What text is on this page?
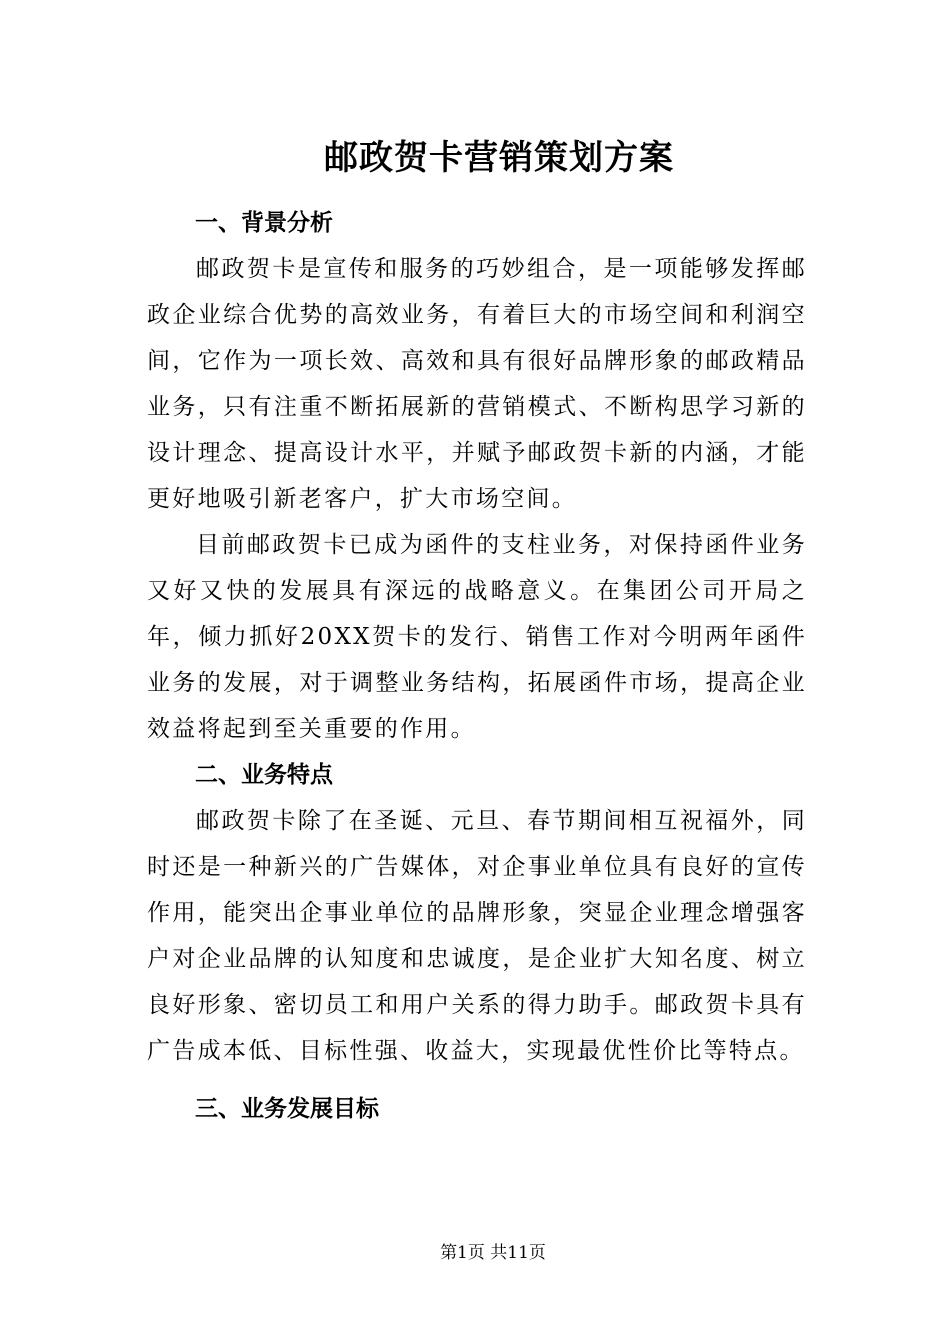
邮政贺卡营销策划方案
一、背景分析

邮政贺卡是宣传和服务的巧妙组合，是一项能够发挥邮政企业综合优势的高效业务，有着巨大的市场空间和利润空间，它作为一项长效、高效和具有很好品牌形象的邮政精品业务，只有注重不断拓展新的营销模式、不断构思学习新的设计理念、提高设计水平，并赋予邮政贺卡新的内涵，才能更好地吸引新老客户，扩大市场空间。

目前邮政贺卡已成为函件的支柱业务，对保持函件业务又好又快的发展具有深远的战略意义。在集团公司开局之年，倾力抓好20XX贺卡的发行、销售工作对今明两年函件业务的发展，对于调整业务结构，拓展函件市场，提高企业效益将起到至关重要的作用。

二、业务特点

邮政贺卡除了在圣诞、元旦、春节期间相互祝福外，同时还是一种新兴的广告媒体，对企事业单位具有良好的宣传作用，能突出企事业单位的品牌形象，突显企业理念增强客户对企业品牌的认知度和忠诚度，是企业扩大知名度、树立良好形象、密切员工和用户关系的得力助手。邮政贺卡具有广告成本低、目标性强、收益大，实现最优性价比等特点。

三、业务发展目标
第1页 共11页
